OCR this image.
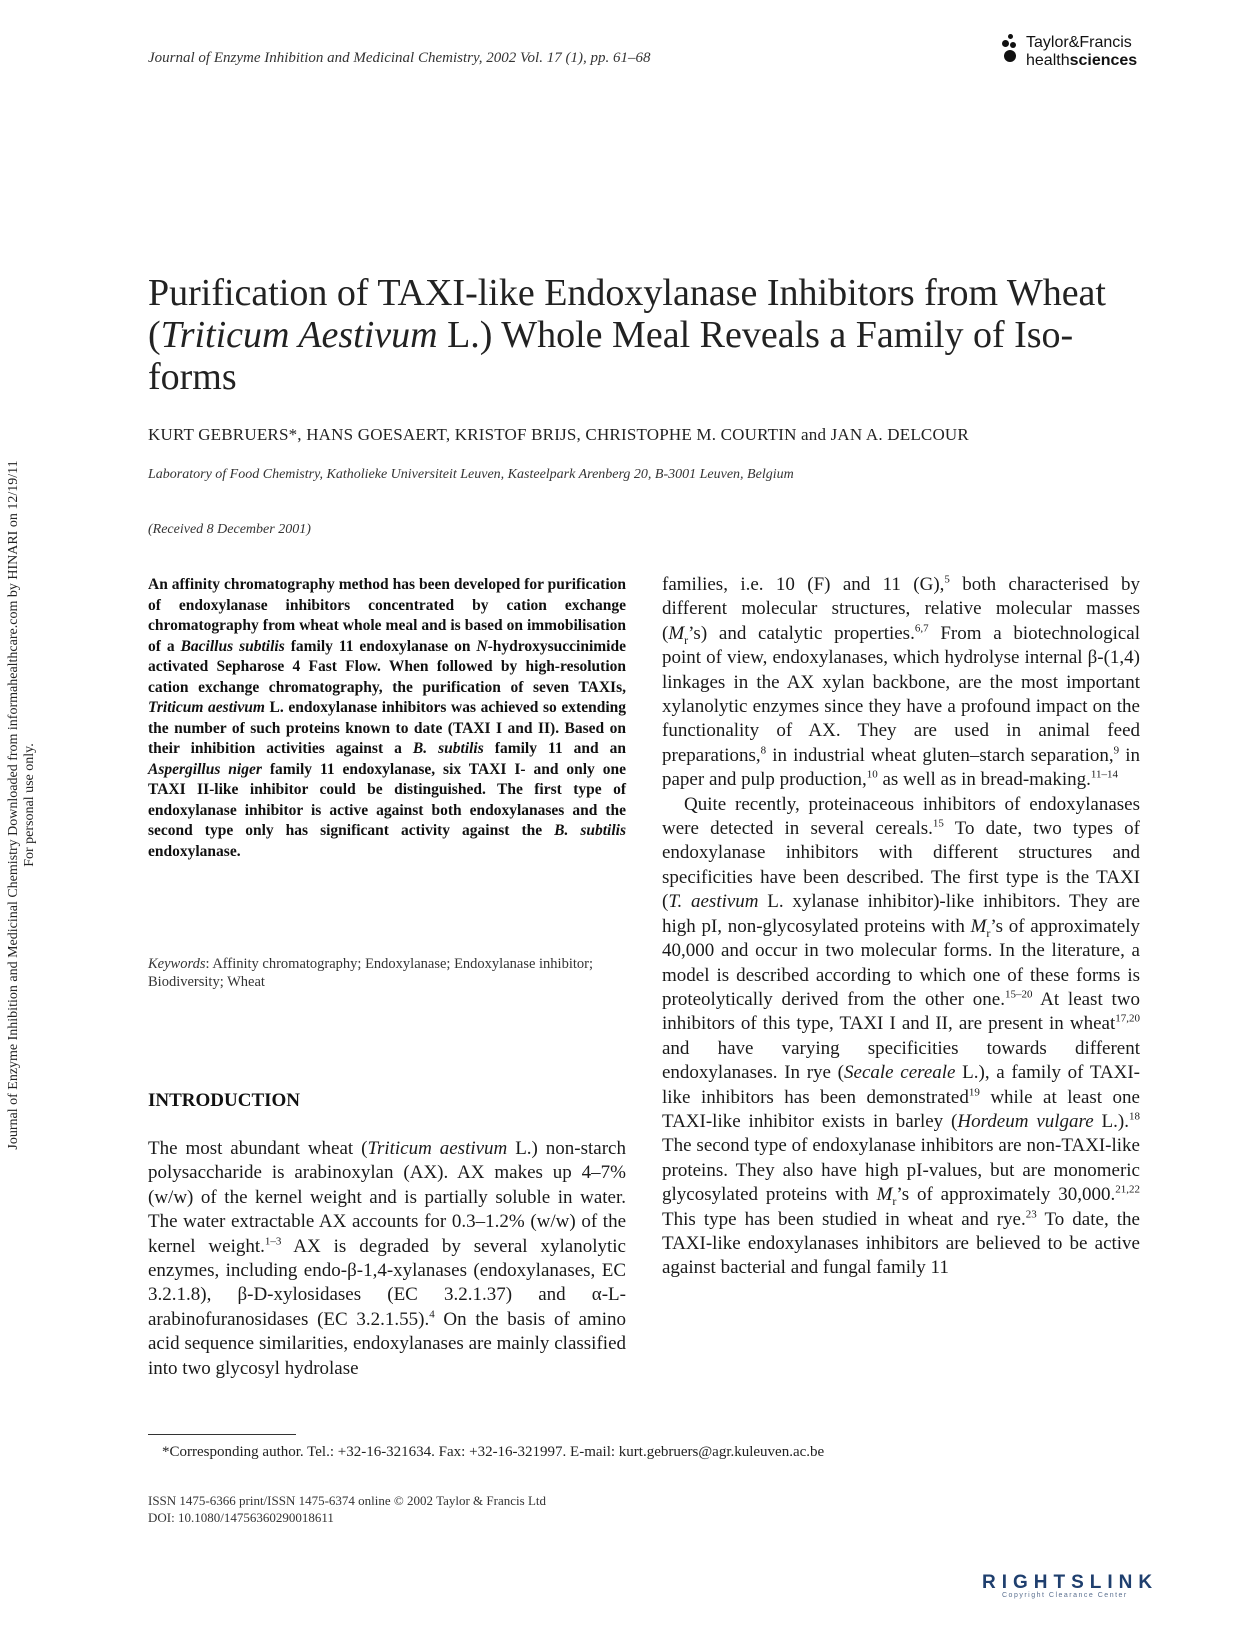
Journal of Enzyme Inhibition and Medicinal Chemistry, 2002 Vol. 17 (1), pp. 61–68
Taylor&Francis
healthsciences
Journal of Enzyme Inhibition and Medicinal Chemistry Downloaded from informahealthcare.com by HINARI on 12/19/11 For personal use only.
Purification of TAXI-like Endoxylanase Inhibitors from Wheat (Triticum Aestivum L.) Whole Meal Reveals a Family of Iso-forms
KURT GEBRUERS*, HANS GOESAERT, KRISTOF BRIJS, CHRISTOPHE M. COURTIN and JAN A. DELCOUR
Laboratory of Food Chemistry, Katholieke Universiteit Leuven, Kasteelpark Arenberg 20, B-3001 Leuven, Belgium
(Received 8 December 2001)
An affinity chromatography method has been developed for purification of endoxylanase inhibitors concentrated by cation exchange chromatography from wheat whole meal and is based on immobilisation of a Bacillus subtilis family 11 endoxylanase on N-hydroxysuccinimide activated Sepharose 4 Fast Flow. When followed by high-resolution cation exchange chromatography, the purification of seven TAXIs, Triticum aestivum L. endoxylanase inhibitors was achieved so extending the number of such proteins known to date (TAXI I and II). Based on their inhibition activities against a B. subtilis family 11 and an Aspergillus niger family 11 endoxylanase, six TAXI I- and only one TAXI II-like inhibitor could be distinguished. The first type of endoxylanase inhibitor is active against both endoxylanases and the second type only has significant activity against the B. subtilis endoxylanase.
Keywords: Affinity chromatography; Endoxylanase; Endoxylanase inhibitor; Biodiversity; Wheat
INTRODUCTION
The most abundant wheat (Triticum aestivum L.) non-starch polysaccharide is arabinoxylan (AX). AX makes up 4–7% (w/w) of the kernel weight and is partially soluble in water. The water extractable AX accounts for 0.3–1.2% (w/w) of the kernel weight.$^{1-3}$ AX is degraded by several xylanolytic enzymes, including endo-β-1,4-xylanases (endoxylanases, EC 3.2.1.8), β-D-xylosidases (EC 3.2.1.37) and α-L-arabinofuranosidases (EC 3.2.1.55).$^4$ On the basis of amino acid sequence similarities, endoxylanases are mainly classified into two glycosyl hydrolase

families, i.e. 10 (F) and 11 (G),$^5$ both characterised by different molecular structures, relative molecular masses $(M_r’s)$ and catalytic properties.$^{6,7}$ From a biotechnological point of view, endoxylanases, which hydrolyse internal β-(1,4) linkages in the AX xylan backbone, are the most important xylanolytic enzymes since they have a profound impact on the functionality of AX. They are used in animal feed preparations,$^8$ in industrial wheat gluten–starch separation,$^9$ in paper and pulp production,$^{10}$ as well as in bread-making.$^{11-14}$

Quite recently, proteinaceous inhibitors of endoxylanases were detected in several cereals.$^{15}$ To date, two types of endoxylanase inhibitors with different structures and specificities have been described. The first type is the TAXI (T. aestivum L. xylanase inhibitor)-like inhibitors. They are high pI, non-glycosylated proteins with $M_r’s$ of approximately 40,000 and occur in two molecular forms. In the literature, a model is described according to which one of these forms is proteolytically derived from the other one.$^{15-20}$ At least two inhibitors of this type, TAXI I and II, are present in wheat$^{17,20}$ and have varying specificities towards different endoxylanases. In rye (Secale cereale L.), a family of TAXI-like inhibitors has been demonstrated$^{19}$ while at least one TAXI-like inhibitor exists in barley (Hordeum vulgare L.).$^{18}$ The second type of endoxylanase inhibitors are non-TAXI-like proteins. They also have high pI-values, but are monomeric glycosylated proteins with $M_r’s$ of approximately 30,000.$^{21,22}$ This type has been studied in wheat and rye.$^{23}$ To date, the TAXI-like endoxylanases inhibitors are believed to be active against bacterial and fungal family 11

*Corresponding author. Tel.: +32-16-321634. Fax: +32-16-321997. E-mail: kurt.gebruers@agr.kuleuven.ac.be
ISSN 1475-6366 print/ISSN 1475-6374 online © 2002 Taylor & Francis Ltd
DOI: 10.1080/14756360290018611
RIGHTSLINK
Copyright Clearance Center
